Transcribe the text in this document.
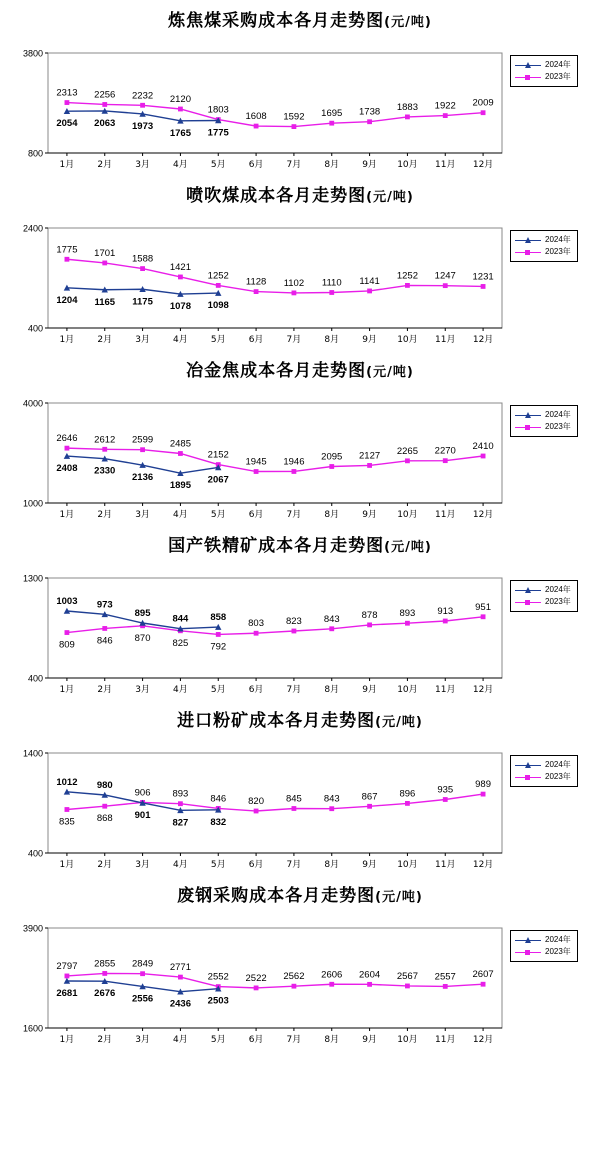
炼焦煤采购成本各月走势图(元/吨)
800
3800
1月	2月	3月	4月	5月	6月	7月	8月	9月 10月 11月 12月
2054 2063 1973
1765 1775
2313 2256 2232 2120
1803
1608 1592 1695 1738 1883 1922 2009
2024年
2023年
喷吹煤成本各月走势图(元/吨)
400
2400
1月	2月	3月	4月	5月	6月	7月	8月	9月 10月 11月 12月
1204 1165 1175 1078 1098
1775 1701
1588
1421
1252
1128 1102 1110 1141
1252 1247 1231
2024年
2023年
冶金焦成本各月走势图(元/吨)
1000
4000
1月	2月	3月	4月	5月	6月	7月	8月	9月 10月 11月 12月
2408 2330
2136
1895
2067
2646 2612 2599 2485
2152
1945 1946 2095 2127 2265 2270 2410
2024年
2023年
国产铁精矿成本各月走势图(元/吨)
400
1300
1月	2月	3月	4月	5月	6月	7月	8月	9月 10月 11月 12月
1003 973
895
844 858
809 846 870 825 792
803 823 843 878 893 913 951
2024年
2023年
进口粉矿成本各月走势图(元/吨)
400
1400
1月	2月	3月	4月	5月	6月	7月	8月	9月 10月 11月 12月
1012 980
901
827 832
835 868
906 893 846 820 845 843 867 896 935 989
2024年
2023年
废钢采购成本各月走势图(元/吨)
1600
3900
1月	2月	3月	4月	5月	6月	7月	8月	9月 10月 11月 12月
2681 2676 2556 2436 2503
2797 2855 2849 2771
2552 2522 2562 2606 2604 2567 2557 2607
2024年
2023年
